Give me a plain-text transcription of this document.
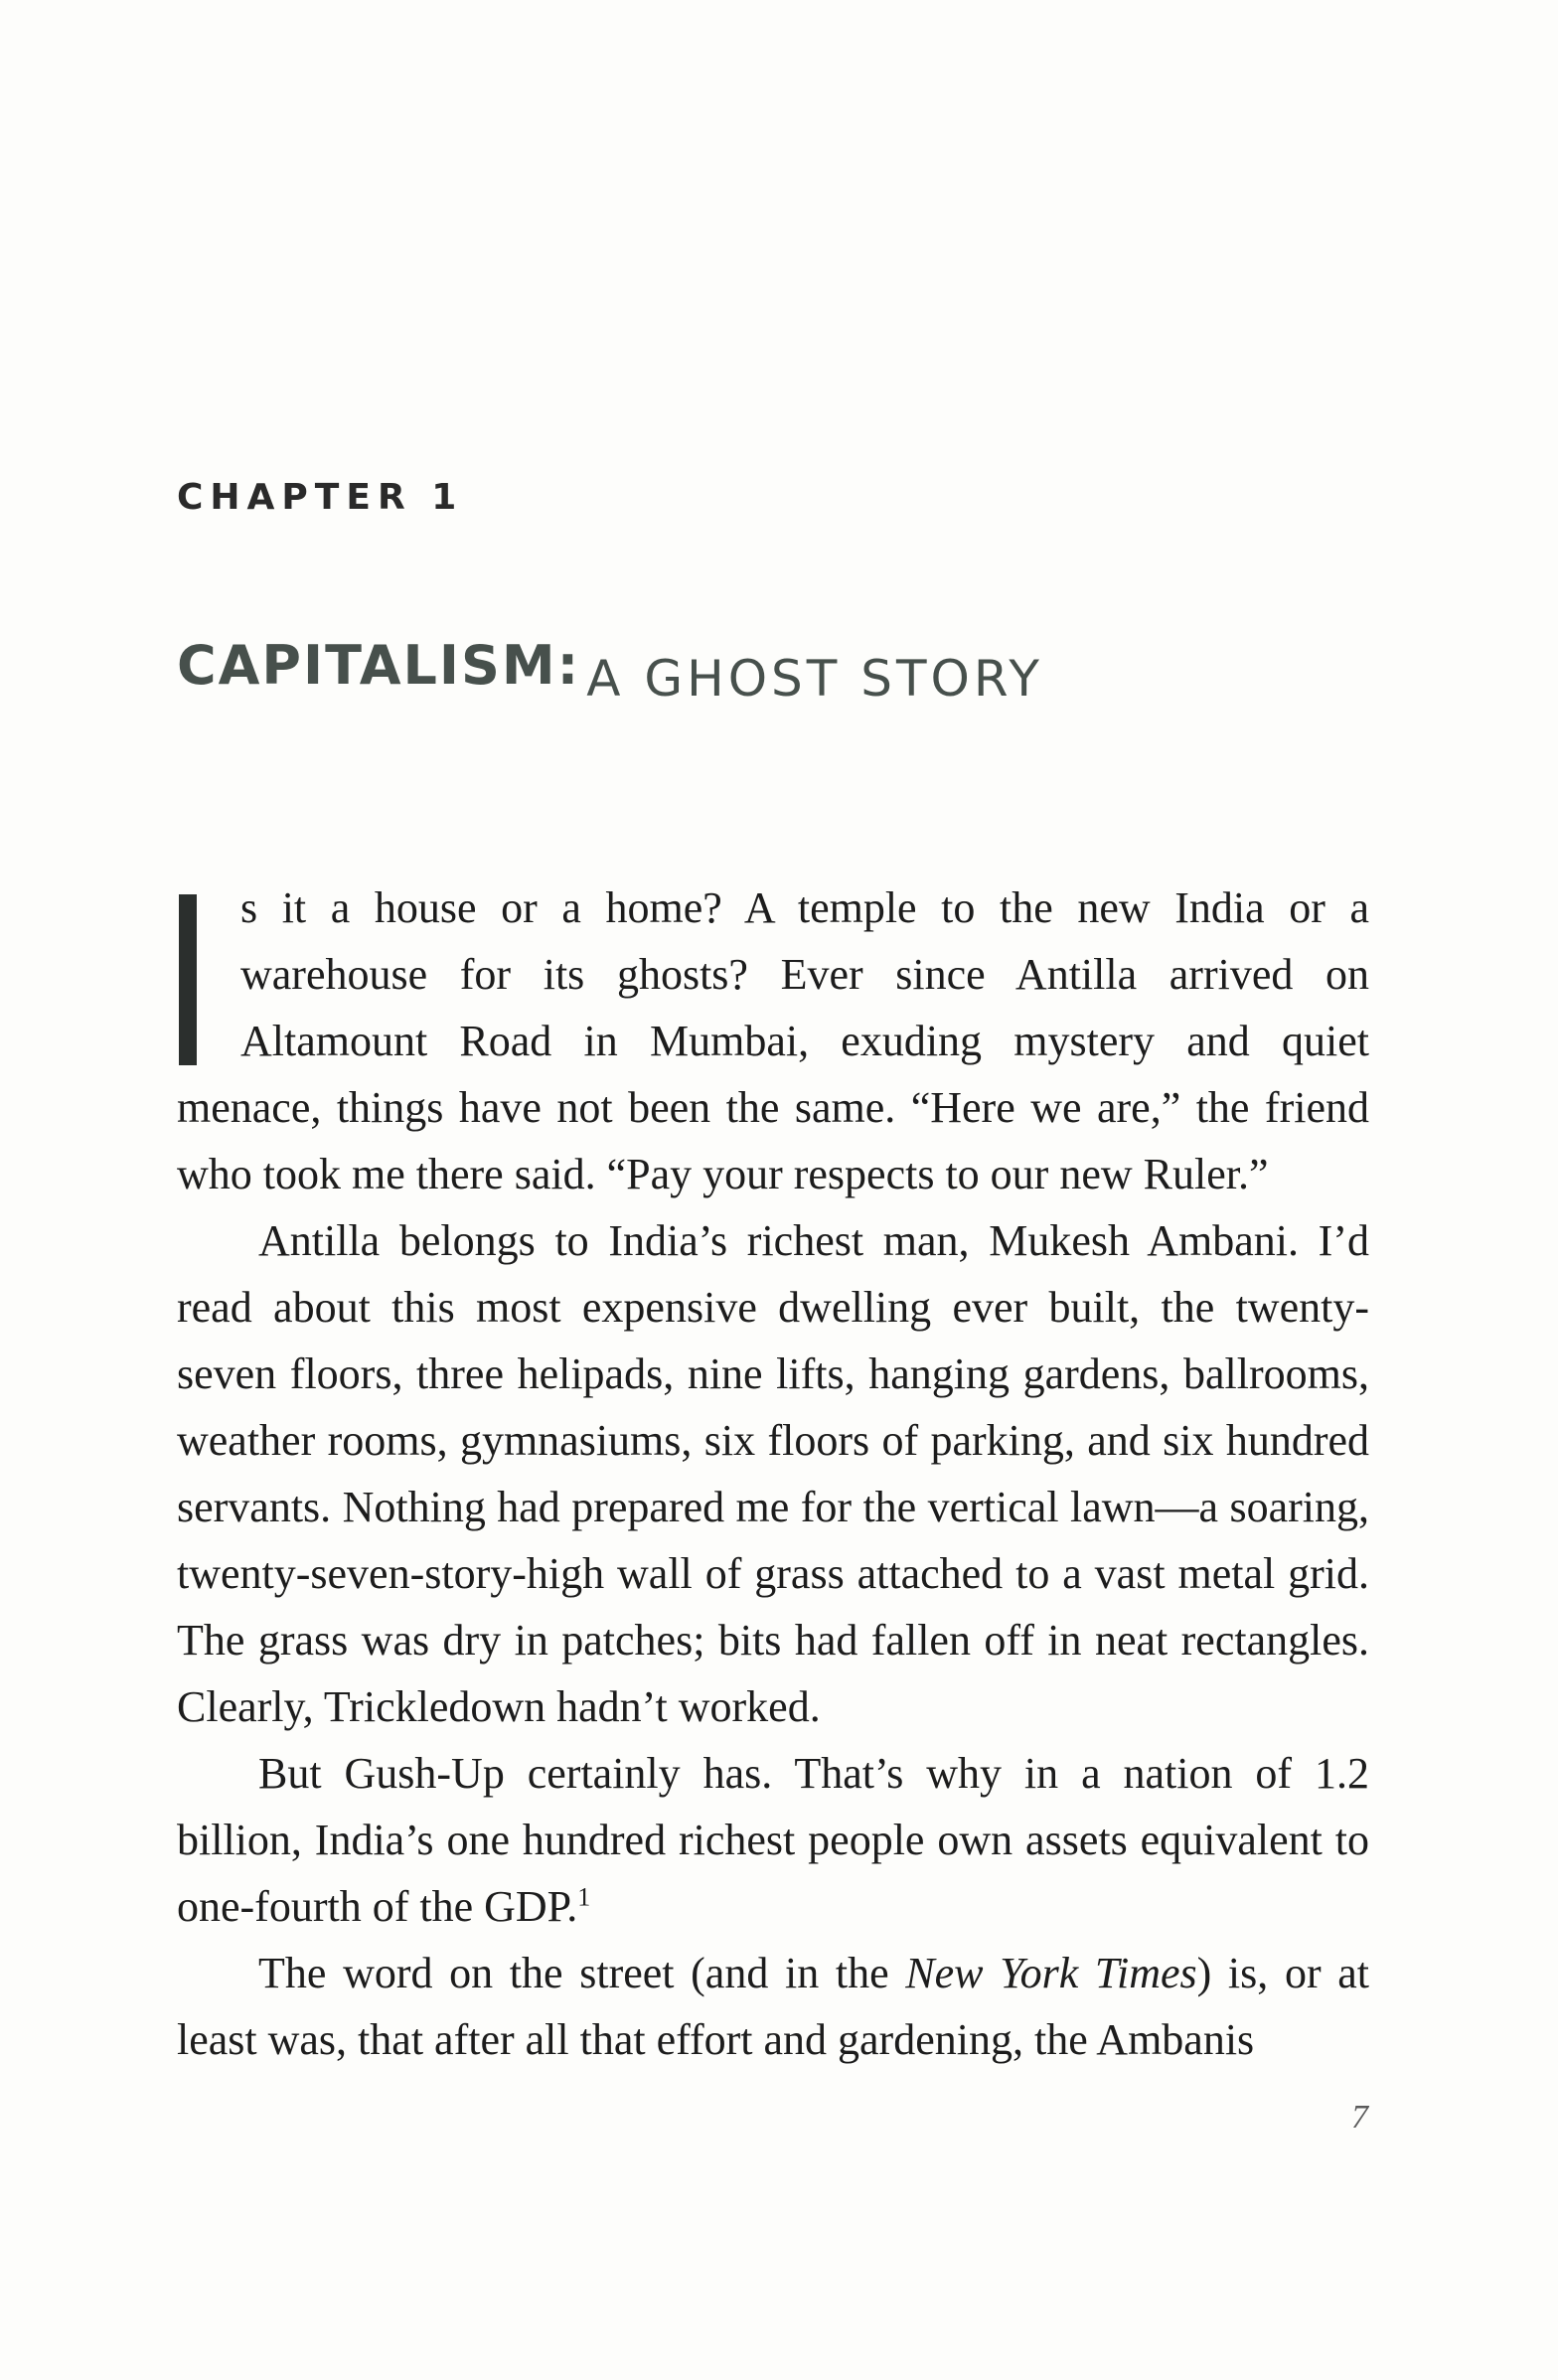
CHAPTER 1
CAPITALISM: A GHOST STORY

s it a house or a home? A temple to the new India or a warehouse for its ghosts? Ever since Antilla arrived on Altamount Road in Mumbai, exuding mystery and quiet menace, things have not been the same. “Here we are,” the friend who took me there said. “Pay your respects to our new Ruler.”

Antilla belongs to India’s richest man, Mukesh Ambani. I’d read about this most expensive dwelling ever built, the twenty-seven floors, three helipads, nine lifts, hanging gardens, ballrooms, weather rooms, gymnasiums, six floors of parking, and six hundred servants. Nothing had prepared me for the vertical lawn—a soaring, twenty-seven-story-high wall of grass attached to a vast metal grid. The grass was dry in patches; bits had fallen off in neat rectangles. Clearly, Trickledown hadn’t worked.

But Gush-Up certainly has. That’s why in a nation of 1.2 billion, India’s one hundred richest people own assets equivalent to one-fourth of the GDP.$^1$

The word on the street (and in the New York Times) is, or at least was, that after all that effort and gardening, the Ambanis

7
